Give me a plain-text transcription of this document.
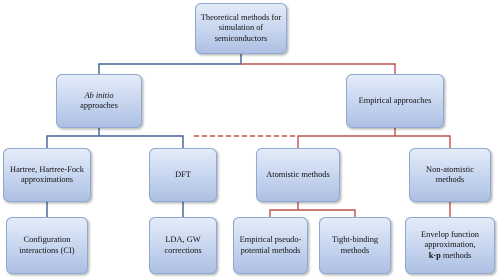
Theoretical methods for simulation of semiconductors
Ab initio
approaches
Empirical approaches
Hartree, Hartree-Fock approximations
DFT	Atomistic methods
Non-atomistic methods
Configuration interactions (CI)
LDA, GW corrections
Empirical pseudo-potential methods
Tight-binding methods
Envelop function approximation,
k·p methods
